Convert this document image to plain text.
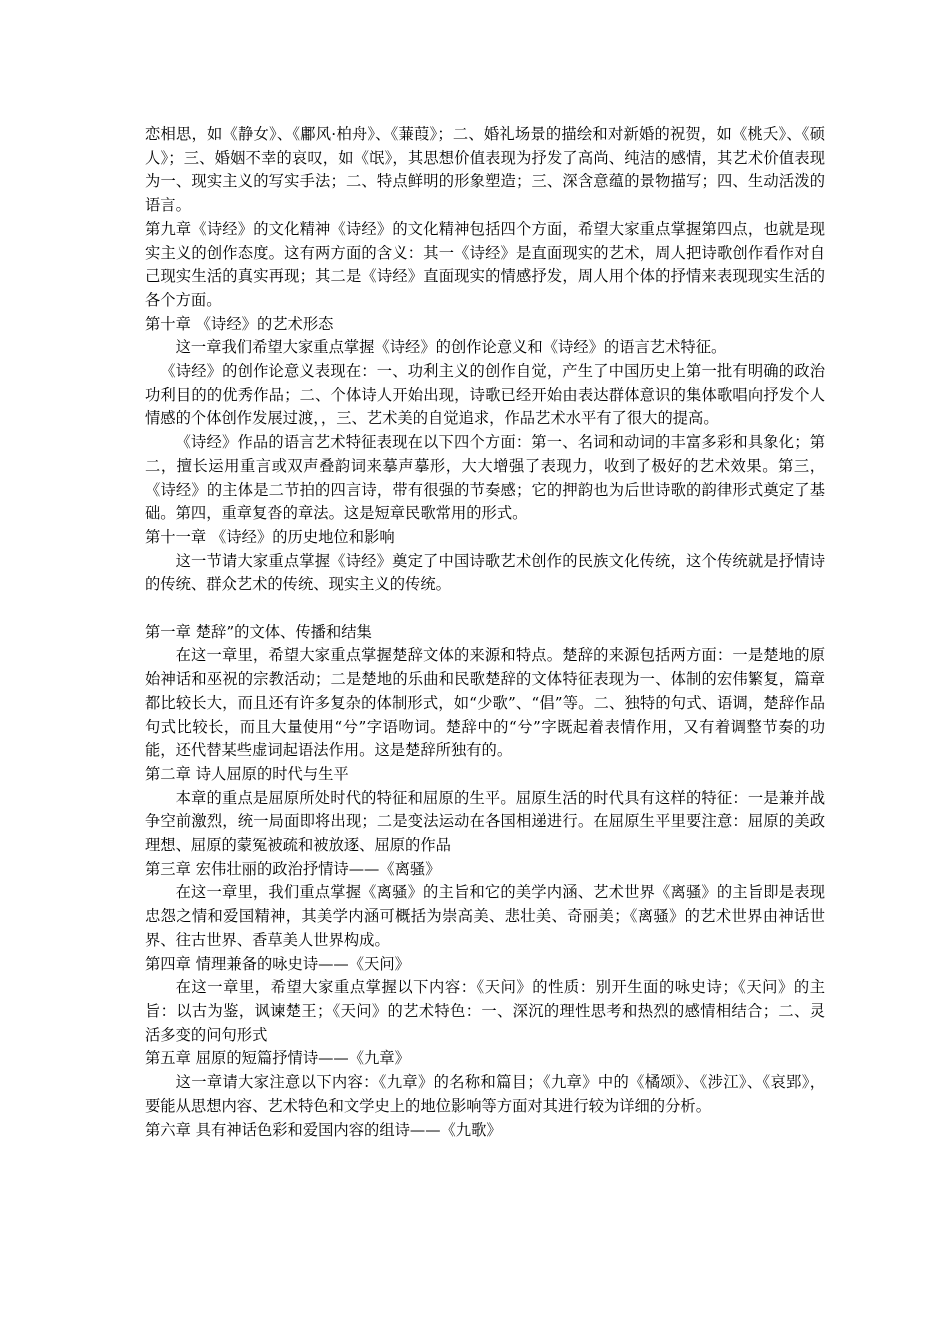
恋相思，如《静女》、《鄘风·柏舟》、《蒹葭》；二、婚礼场景的描绘和对新婚的祝贺，如《桃夭》、《硕人》；三、婚姻不幸的哀叹，如《氓》，其思想价值表现为抒发了高尚、纯洁的感情，其艺术价值表现为一、现实主义的写实手法；二、特点鲜明的形象塑造；三、深含意蕴的景物描写；四、生动活泼的语言。

第九章《诗经》的文化精神《诗经》的文化精神包括四个方面，希望大家重点掌握第四点，也就是现实主义的创作态度。这有两方面的含义：其一《诗经》是直面现实的艺术，周人把诗歌创作看作对自己现实生活的真实再现；其二是《诗经》直面现实的情感抒发，周人用个体的抒情来表现现实生活的各个方面。

第十章 《诗经》的艺术形态

这一章我们希望大家重点掌握《诗经》的创作论意义和《诗经》的语言艺术特征。

《诗经》的创作论意义表现在：一、功利主义的创作自觉，产生了中国历史上第一批有明确的政治功利目的的优秀作品；二、个体诗人开始出现，诗歌已经开始由表达群体意识的集体歌唱向抒发个人情感的个体创作发展过渡，，三、艺术美的自觉追求，作品艺术水平有了很大的提高。

《诗经》作品的语言艺术特征表现在以下四个方面：第一、名词和动词的丰富多彩和具象化；第二，擅长运用重言或双声叠韵词来摹声摹形，大大增强了表现力，收到了极好的艺术效果。第三，《诗经》的主体是二节拍的四言诗，带有很强的节奏感；它的押韵也为后世诗歌的韵律形式奠定了基础。第四，重章复沓的章法。这是短章民歌常用的形式。

第十一章 《诗经》的历史地位和影响

这一节请大家重点掌握《诗经》奠定了中国诗歌艺术创作的民族文化传统，这个传统就是抒情诗的传统、群众艺术的传统、现实主义的传统。

第一章 楚辞”的文体、传播和结集

在这一章里，希望大家重点掌握楚辞文体的来源和特点。楚辞的来源包括两方面：一是楚地的原始神话和巫祝的宗教活动；二是楚地的乐曲和民歌楚辞的文体特征表现为一、体制的宏伟繁复，篇章都比较长大，而且还有许多复杂的体制形式，如“少歌”、“倡”等。二、独特的句式、语调，楚辞作品句式比较长，而且大量使用“兮”字语吻词。楚辞中的“兮”字既起着表情作用，又有着调整节奏的功能，还代替某些虚词起语法作用。这是楚辞所独有的。

第二章 诗人屈原的时代与生平

本章的重点是屈原所处时代的特征和屈原的生平。屈原生活的时代具有这样的特征：一是兼并战争空前激烈，统一局面即将出现；二是变法运动在各国相递进行。在屈原生平里要注意：屈原的美政理想、屈原的蒙冤被疏和被放逐、屈原的作品

第三章 宏伟壮丽的政治抒情诗——《离骚》

在这一章里，我们重点掌握《离骚》的主旨和它的美学内涵、艺术世界《离骚》的主旨即是表现忠怨之情和爱国精神，其美学内涵可概括为崇高美、悲壮美、奇丽美；《离骚》的艺术世界由神话世界、往古世界、香草美人世界构成。

第四章 情理兼备的咏史诗——《天问》

在这一章里，希望大家重点掌握以下内容：《天问》的性质：别开生面的咏史诗；《天问》的主旨：以古为鉴，讽谏楚王；《天问》的艺术特色：一、深沉的理性思考和热烈的感情相结合；二、灵活多变的问句形式

第五章 屈原的短篇抒情诗——《九章》

这一章请大家注意以下内容：《九章》的名称和篇目；《九章》中的《橘颂》、《涉江》、《哀郢》，要能从思想内容、艺术特色和文学史上的地位影响等方面对其进行较为详细的分析。

第六章 具有神话色彩和爱国内容的组诗——《九歌》
